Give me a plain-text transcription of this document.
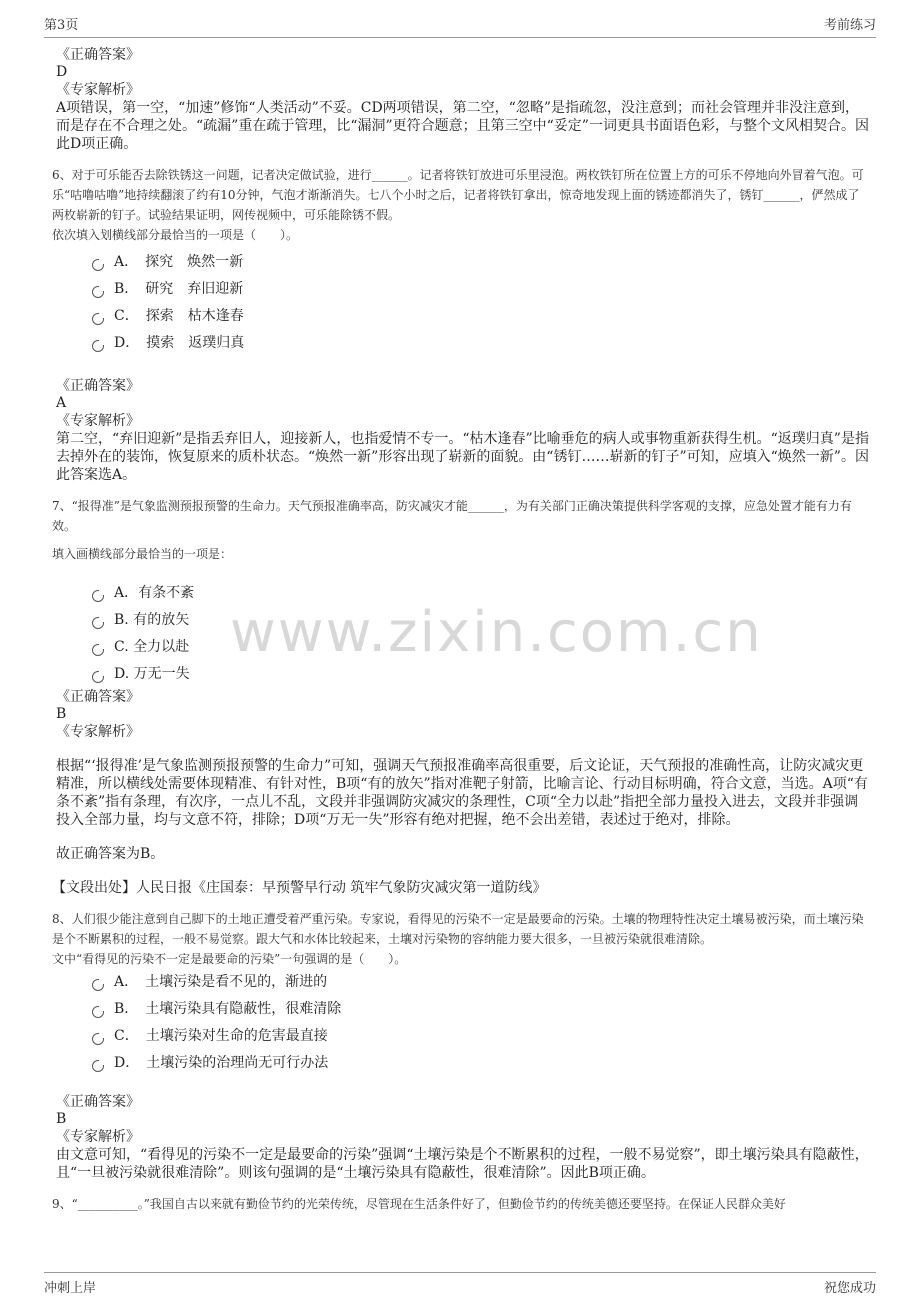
第3页	考前练习
www.zixin.com.cn
《正确答案》
D
《专家解析》
A项错误，第一空，“加速”修饰“人类活动”不妥。CD两项错误，第二空，“忽略”是指疏忽，没注意到；而社会管理并非没注意到，而是存在不合理之处。“疏漏”重在疏于管理，比“漏洞”更符合题意；且第三空中“妥定”一词更具书面语色彩，与整个文风相契合。因此D项正确。
6、对于可乐能否去除铁锈这一问题，记者决定做试验，进行______。记者将铁钉放进可乐里浸泡。两枚铁钉所在位置上方的可乐不停地向外冒着气泡。可乐“咕噜咕噜”地持续翻滚了约有10分钟，气泡才渐渐消失。七八个小时之后，记者将铁钉拿出，惊奇地发现上面的锈迹都消失了，锈钉______，俨然成了两枚崭新的钉子。试验结果证明，网传视频中，可乐能除锈不假。
依次填入划横线部分最恰当的一项是（　　）。
A．　探究　焕然一新
B．　研究　弃旧迎新
C．　探索　枯木逢春
D．　摸索　返璞归真
《正确答案》
A
《专家解析》
第二空，“弃旧迎新”是指丢弃旧人，迎接新人，也指爱情不专一。“枯木逢春”比喻垂危的病人或事物重新获得生机。“返璞归真”是指去掉外在的装饰，恢复原来的质朴状态。“焕然一新”形容出现了崭新的面貌。由“锈钉……崭新的钉子”可知，应填入“焕然一新”。因此答案选A。
7、“报得准”是气象监测预报预警的生命力。天气预报准确率高，防灾减灾才能______，为有关部门正确决策提供科学客观的支撑，应急处置才能有力有效。
填入画横线部分最恰当的一项是：
A．有条不紊
B. 有的放矢
C. 全力以赴
D. 万无一失
《正确答案》
B
《专家解析》
根据“‘报得准’是气象监测预报预警的生命力”可知，强调天气预报准确率高很重要，后文论证，天气预报的准确性高，让防灾减灾更精准，所以横线处需要体现精准、有针对性，B项“有的放矢”指对准靶子射箭，比喻言论、行动目标明确，符合文意，当选。A项“有条不紊”指有条理，有次序，一点儿不乱，文段并非强调防灾减灾的条理性，C项“全力以赴”指把全部力量投入进去，文段并非强调投入全部力量，均与文意不符，排除；D项“万无一失”形容有绝对把握，绝不会出差错，表述过于绝对，排除。
故正确答案为B。
【文段出处】人民日报《庄国泰：早预警早行动 筑牢气象防灾减灾第一道防线》
8、人们很少能注意到自己脚下的土地正遭受着严重污染。专家说，看得见的污染不一定是最要命的污染。土壤的物理特性决定土壤易被污染，而土壤污染是个不断累积的过程，一般不易觉察。跟大气和水体比较起来，土壤对污染物的容纳能力要大很多，一旦被污染就很难清除。
文中“看得见的污染不一定是最要命的污染”一句强调的是（　　）。
A．　土壤污染是看不见的，渐进的
B．　土壤污染具有隐蔽性，很难清除
C．　土壤污染对生命的危害最直接
D．　土壤污染的治理尚无可行办法
《正确答案》
B
《专家解析》
由文意可知，“看得见的污染不一定是最要命的污染”强调“土壤污染是个不断累积的过程，一般不易觉察”，即土壤污染具有隐蔽性，且“一旦被污染就很难清除”。则该句强调的是“土壤污染具有隐蔽性，很难清除”。因此B项正确。
9、“__________。”我国自古以来就有勤俭节约的光荣传统，尽管现在生活条件好了，但勤俭节约的传统美德还要坚持。在保证人民群众美好
冲刺上岸	祝您成功
